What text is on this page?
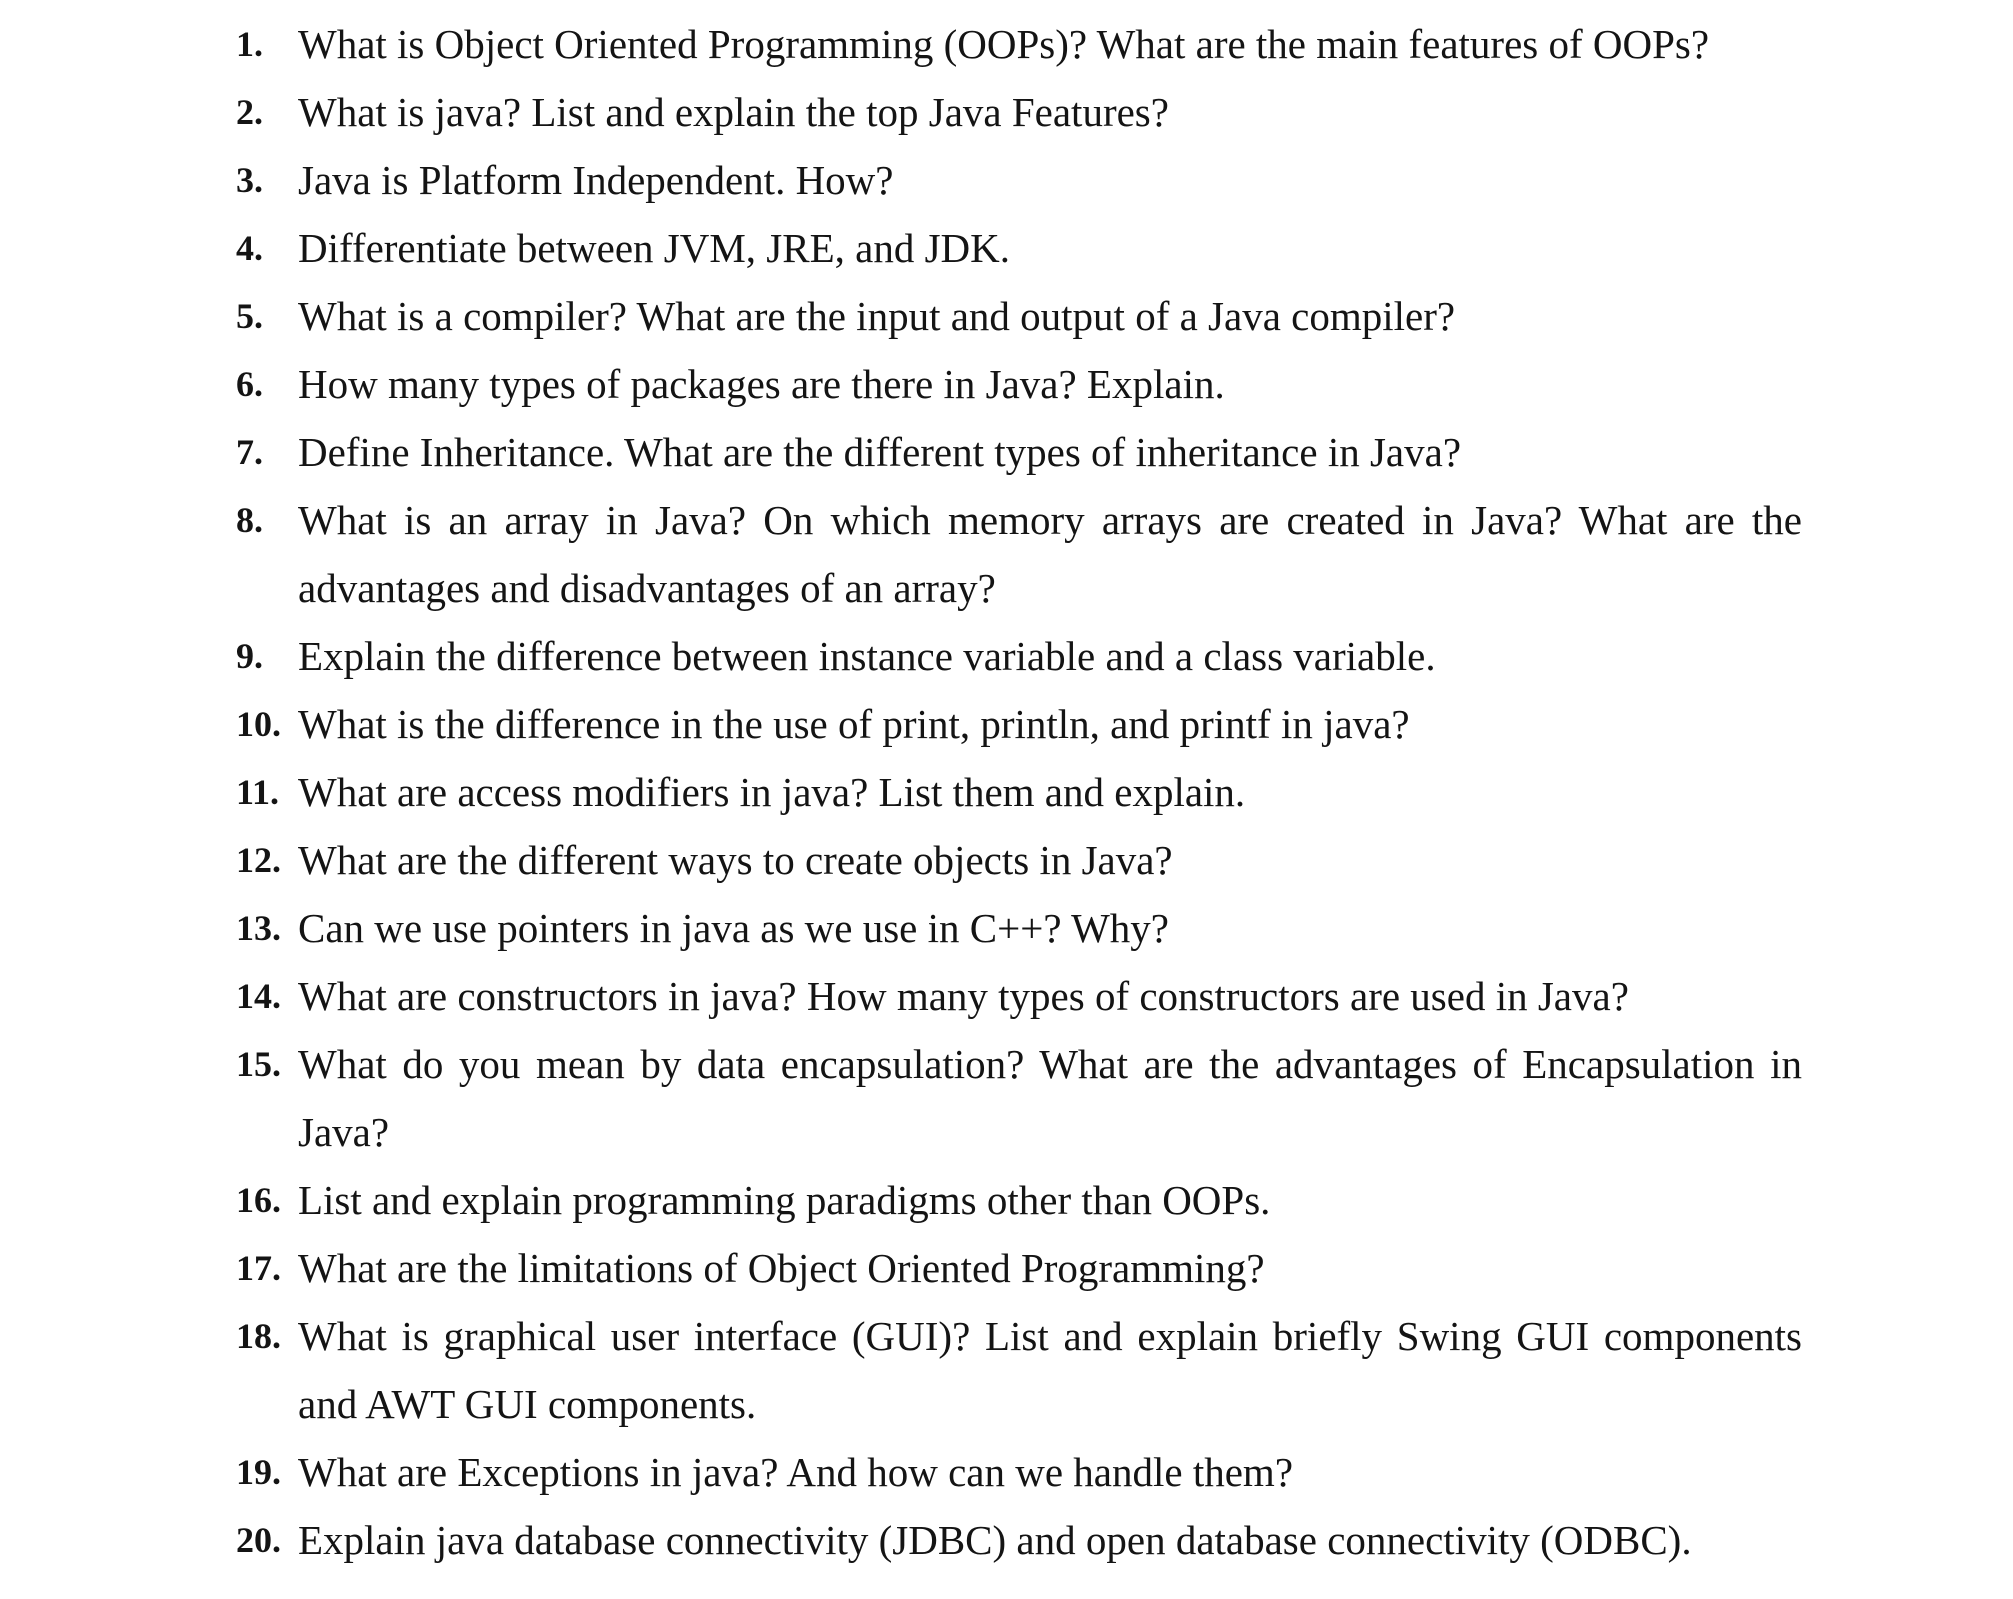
1. What is Object Oriented Programming (OOPs)? What are the main features of OOPs?
2. What is java? List and explain the top Java Features?
3. Java is Platform Independent. How?
4. Differentiate between JVM, JRE, and JDK.
5. What is a compiler? What are the input and output of a Java compiler?
6. How many types of packages are there in Java? Explain.
7. Define Inheritance. What are the different types of inheritance in Java?
8. What is an array in Java? On which memory arrays are created in Java? What are the advantages and disadvantages of an array?
9. Explain the difference between instance variable and a class variable.
10. What is the difference in the use of print, println, and printf in java?
11. What are access modifiers in java? List them and explain.
12. What are the different ways to create objects in Java?
13. Can we use pointers in java as we use in C++? Why?
14. What are constructors in java? How many types of constructors are used in Java?
15. What do you mean by data encapsulation? What are the advantages of Encapsulation in Java?
16. List and explain programming paradigms other than OOPs.
17. What are the limitations of Object Oriented Programming?
18. What is graphical user interface (GUI)? List and explain briefly Swing GUI components and AWT GUI components.
19. What are Exceptions in java? And how can we handle them?
20. Explain java database connectivity (JDBC) and open database connectivity (ODBC).
